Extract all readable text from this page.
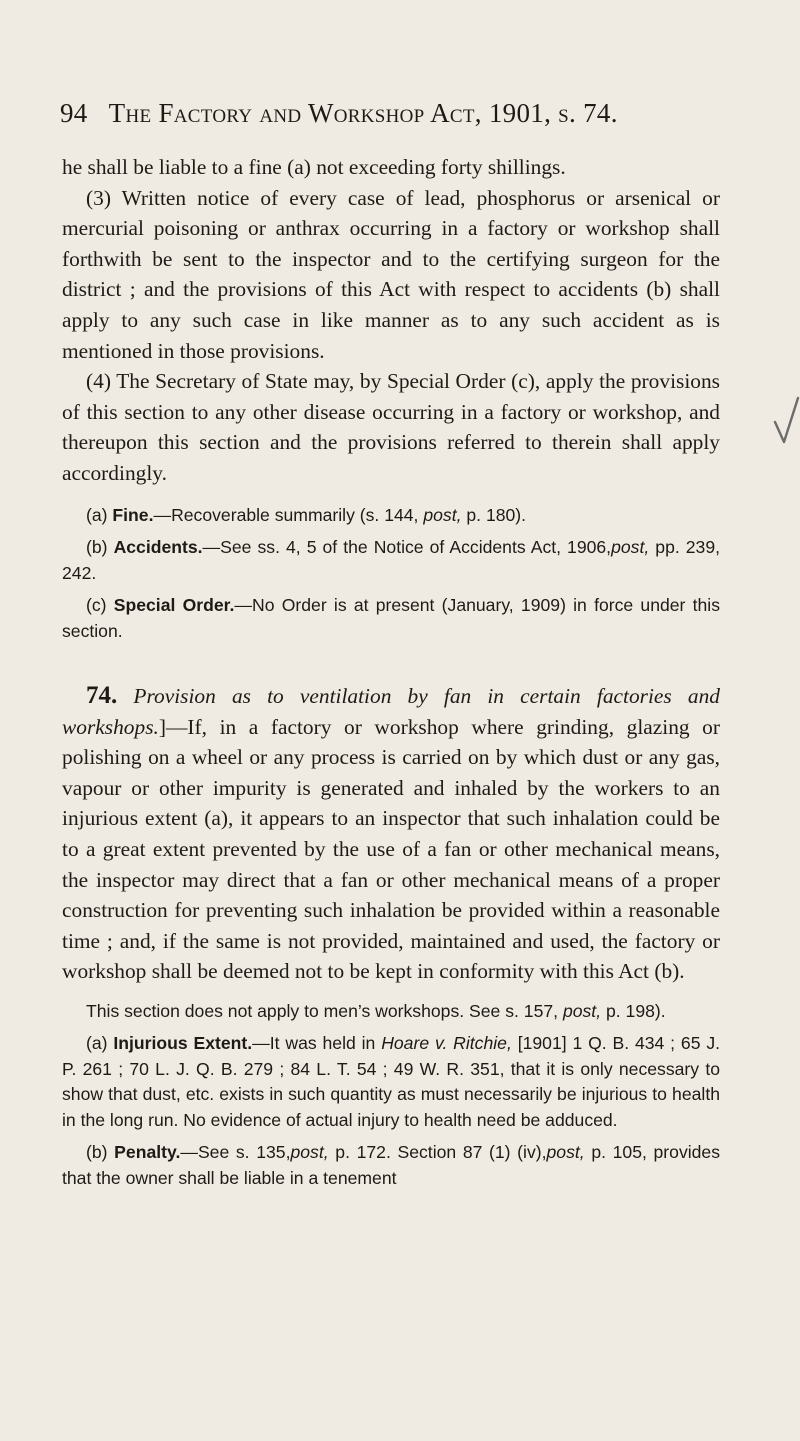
94 The Factory and Workshop Act, 1901, s. 74.

he shall be liable to a fine (a) not exceeding forty shillings.

(3) Written notice of every case of lead, phosphorus or arsenical or mercurial poisoning or anthrax occurring in a factory or workshop shall forthwith be sent to the inspector and to the certifying surgeon for the district ; and the provisions of this Act with respect to accidents (b) shall apply to any such case in like manner as to any such accident as is mentioned in those provisions.

(4) The Secretary of State may, by Special Order (c), apply the provisions of this section to any other disease occurring in a factory or workshop, and thereupon this section and the provisions referred to therein shall apply accordingly.

(a) Fine.—Recoverable summarily (s. 144, post, p. 180).

(b) Accidents.—See ss. 4, 5 of the Notice of Accidents Act, 1906,post, pp. 239, 242.

(c) Special Order.—No Order is at present (January, 1909) in force under this section.

74. Provision as to ventilation by fan in certain factories and workshops.]—If, in a factory or workshop where grinding, glazing or polishing on a wheel or any process is carried on by which dust or any gas, vapour or other impurity is generated and inhaled by the workers to an injurious extent (a), it appears to an inspector that such inhalation could be to a great extent prevented by the use of a fan or other mechanical means, the inspector may direct that a fan or other mechanical means of a proper construction for preventing such inhalation be provided within a reasonable time ; and, if the same is not provided, maintained and used, the factory or workshop shall be deemed not to be kept in conformity with this Act (b).

This section does not apply to men’s workshops. See s. 157, post, p. 198).

(a) Injurious Extent.—It was held in Hoare v. Ritchie, [1901] 1 Q. B. 434 ; 65 J. P. 261 ; 70 L. J. Q. B. 279 ; 84 L. T. 54 ; 49 W. R. 351, that it is only necessary to show that dust, etc. exists in such quantity as must necessarily be injurious to health in the long run. No evidence of actual injury to health need be adduced.

(b) Penalty.—See s. 135,post, p. 172. Section 87 (1) (iv),post, p. 105, provides that the owner shall be liable in a tenement
